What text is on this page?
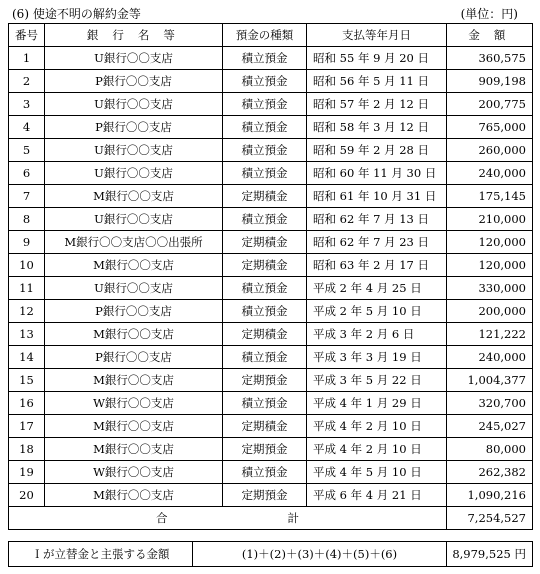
(6) 使途不明の解約金等	(単位：円)
番号	銀 行 名 等	預金の種類	支払等年月日	金 額
1	U銀行〇〇支店	積立預金	昭和 55 年 9 月 20 日	360,575
2	P銀行〇〇支店	積立預金	昭和 56 年 5 月 11 日	909,198
3	U銀行〇〇支店	積立預金	昭和 57 年 2 月 12 日	200,775
4	P銀行〇〇支店	積立預金	昭和 58 年 3 月 12 日	765,000
5	U銀行〇〇支店	積立預金	昭和 59 年 2 月 28 日	260,000
6	U銀行〇〇支店	積立預金	昭和 60 年 11 月 30 日	240,000
7	M銀行〇〇支店	定期積金	昭和 61 年 10 月 31 日	175,145
8	U銀行〇〇支店	積立預金	昭和 62 年 7 月 13 日	210,000
9	M銀行〇〇支店〇〇出張所	定期積金	昭和 62 年 7 月 23 日	120,000
10	M銀行〇〇支店	定期積金	昭和 63 年 2 月 17 日	120,000
11	U銀行〇〇支店	積立預金	平成 2 年 4 月 25 日	330,000
12	P銀行〇〇支店	積立預金	平成 2 年 5 月 10 日	200,000
13	M銀行〇〇支店	定期積金	平成 3 年 2 月 6 日	121,222
14	P銀行〇〇支店	積立預金	平成 3 年 3 月 19 日	240,000
15	M銀行〇〇支店	定期預金	平成 3 年 5 月 22 日	1,004,377
16	W銀行〇〇支店	積立預金	平成 4 年 1 月 29 日	320,700
17	M銀行〇〇支店	定期積金	平成 4 年 2 月 10 日	245,027
18	M銀行〇〇支店	定期預金	平成 4 年 2 月 10 日	80,000
19	W銀行〇〇支店	積立預金	平成 4 年 5 月 10 日	262,382
20	M銀行〇〇支店	定期預金	平成 6 年 4 月 21 日	1,090,216
合 計				7,254,527
Ｉが立替金と主張する金額	(1)＋(2)＋(3)＋(4)＋(5)＋(6)	8,979,525 円
